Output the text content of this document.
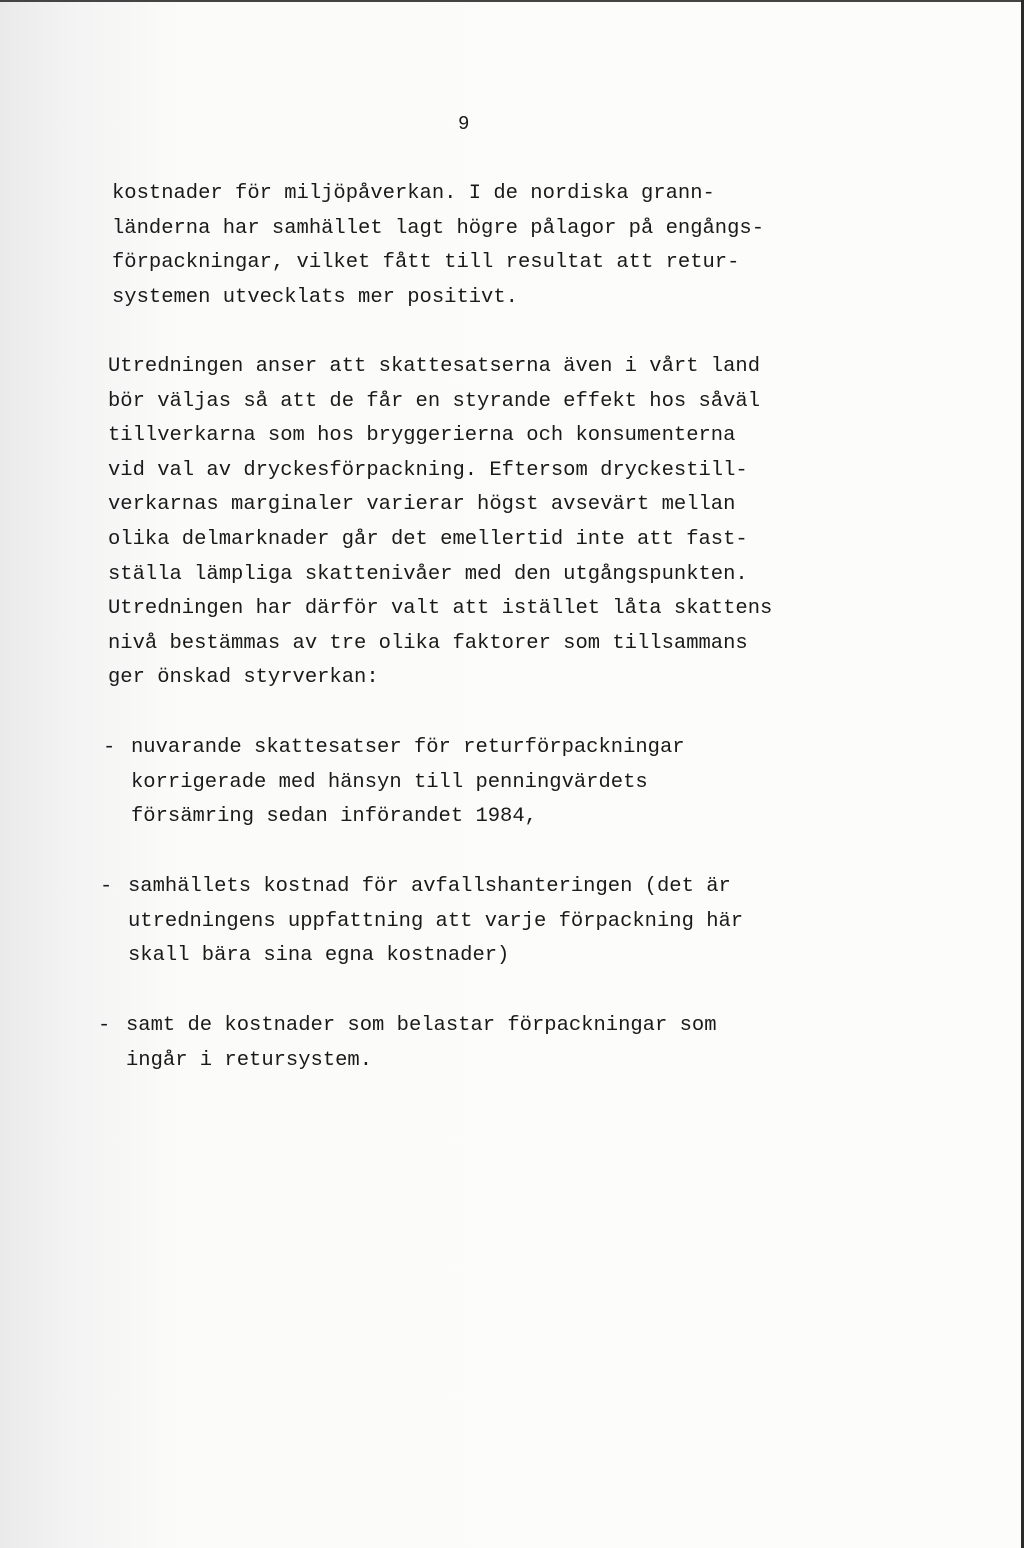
9

kostnader för miljöpåverkan. I de nordiska grann-
länderna har samhället lagt högre pålagor på engångs-
förpackningar, vilket fått till resultat att retur-
systemen utvecklats mer positivt.

Utredningen anser att skattesatserna även i vårt land
bör väljas så att de får en styrande effekt hos såväl
tillverkarna som hos bryggerierna och konsumenterna
vid val av dryckesförpackning. Eftersom dryckestill-
verkarnas marginaler varierar högst avsevärt mellan
olika delmarknader går det emellertid inte att fast-
ställa lämpliga skattenivåer med den utgångspunkten.
Utredningen har därför valt att istället låta skattens
nivå bestämmas av tre olika faktorer som tillsammans
ger önskad styrverkan:

- nuvarande skattesatser för returförpackningar
korrigerade med hänsyn till penningvärdets
försämring sedan införandet 1984,

- samhällets kostnad för avfallshanteringen (det är
utredningens uppfattning att varje förpackning här
skall bära sina egna kostnader)

- samt de kostnader som belastar förpackningar som
ingår i retursystem.
